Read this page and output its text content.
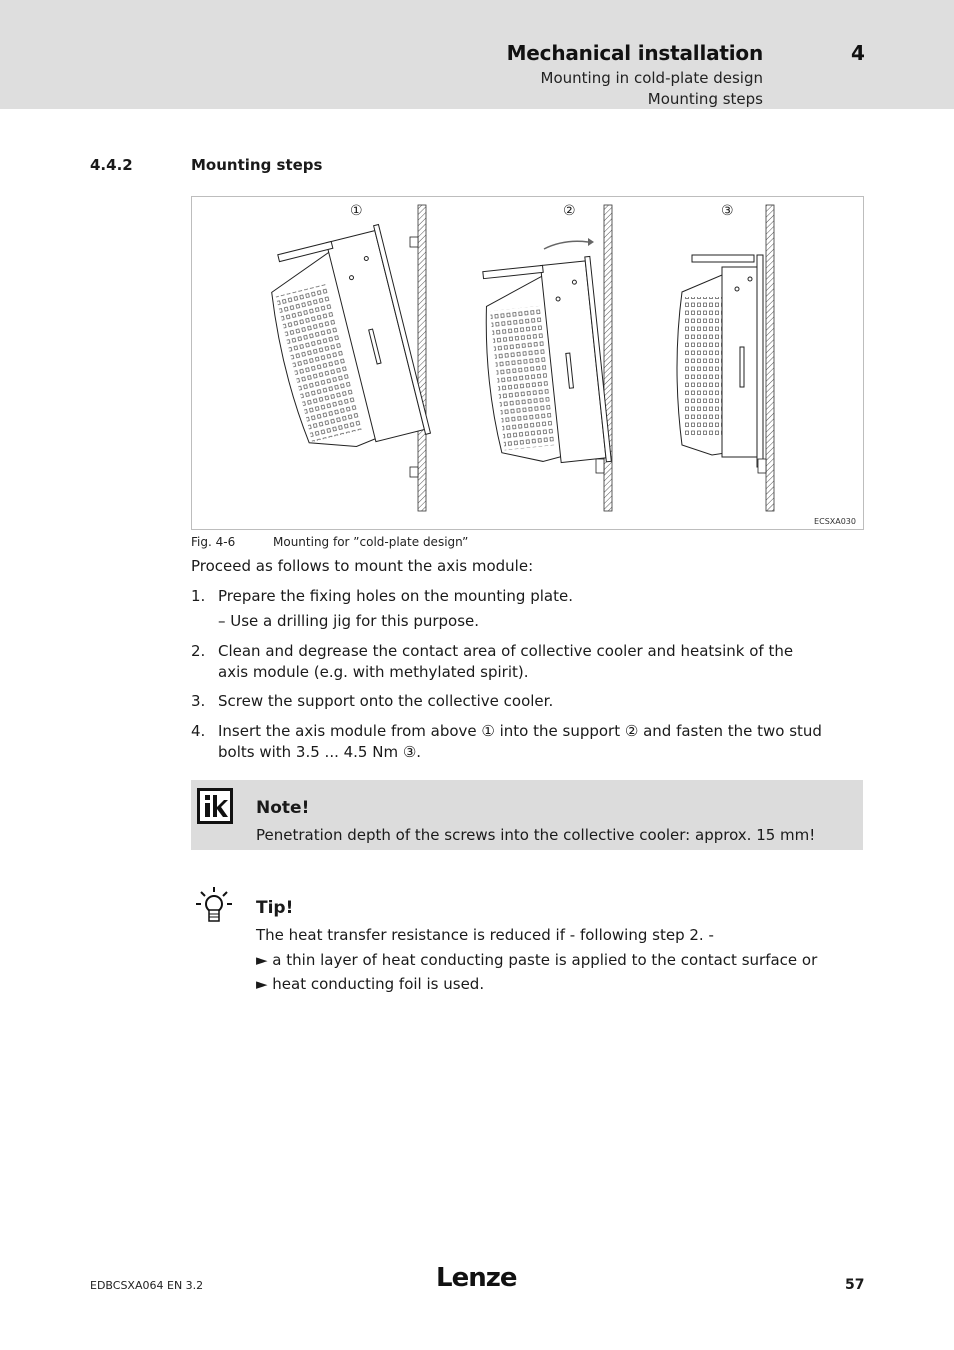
Mechanical installation	4
Mounting in cold-plate design
Mounting steps
4.4.2	Mounting steps
①	②	③
ECSXA030
Fig. 4-6	Mounting for ”cold-plate design”
Proceed as follows to mount the axis module:
1. Prepare the fixing holes on the mounting plate.
– Use a drilling jig for this purpose.
2. Clean and degrease the contact area of collective cooler and heatsink of the
axis module (e.g. with methylated spirit).
3. Screw the support onto the collective cooler.
4. Insert the axis module from above ① into the support ② and fasten the two stud
bolts with 3.5 ... 4.5 Nm ③.
Note!
Penetration depth of the screws into the collective cooler: approx. 15 mm!
Tip!
The heat transfer resistance is reduced if - following step 2. -
► a thin layer of heat conducting paste is applied to the contact surface or
► heat conducting foil is used.
EDBCSXA064 EN 3.2	Lenze	57
